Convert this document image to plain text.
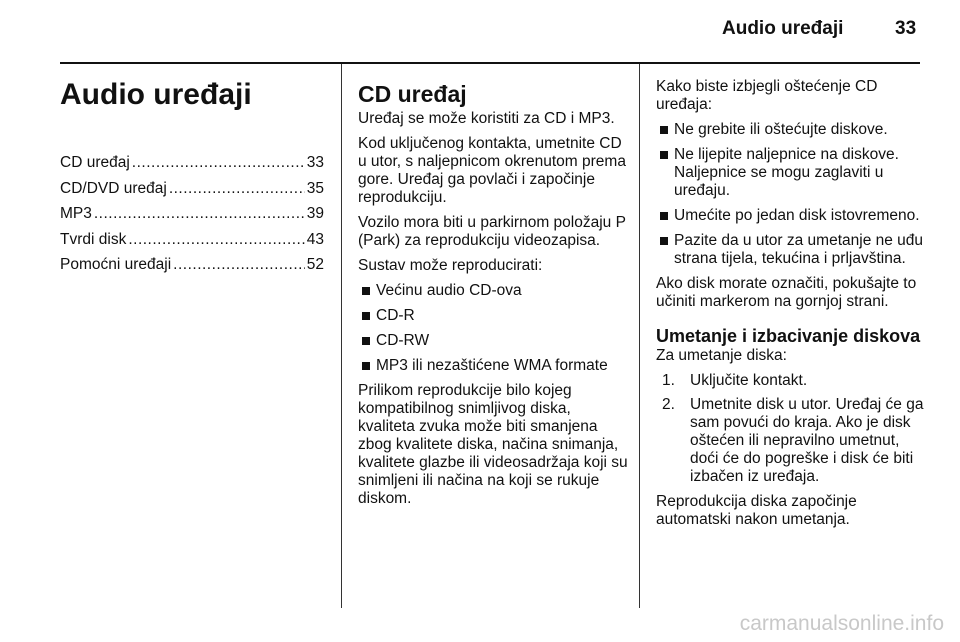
Audio uređaji	33
Audio uređaji
CD uređaj .....	33
CD/DVD uređaj .....	35
MP3 .....	39
Tvrdi disk .....	43
Pomoćni uređaji .....	52
CD uređaj

Uređaj se može koristiti za CD i MP3.

Kod uključenog kontakta, umetnite CD u utor, s naljepnicom okrenutom prema gore. Uređaj ga povlači i započinje reprodukciju.

Vozilo mora biti u parkirnom položaju P (Park) za reprodukciju videozapisa.

Sustav može reproducirati:

Većinu audio CD-ova
CD-R
CD-RW
MP3 ili nezaštićene WMA formate

Prilikom reprodukcije bilo kojeg kompatibilnog snimljivog diska, kvaliteta zvuka može biti smanjena zbog kvalitete diska, načina snimanja, kvalitete glazbe ili videosadržaja koji su snimljeni ili načina na koji se rukuje diskom.

Kako biste izbjegli oštećenje CD uređaja:

Ne grebite ili oštećujte diskove.
Ne lijepite naljepnice na diskove. Naljepnice se mogu zaglaviti u uređaju.
Umećite po jedan disk istovremeno.
Pazite da u utor za umetanje ne uđu strana tijela, tekućina i prljavština.

Ako disk morate označiti, pokušajte to učiniti markerom na gornjoj strani.

Umetanje i izbacivanje diskova

Za umetanje diska:

1. Uključite kontakt.
2. Umetnite disk u utor. Uređaj će ga sam povući do kraja. Ako je disk oštećen ili nepravilno umetnut, doći će do pogreške i disk će biti izbačen iz uređaja.

Reprodukcija diska započinje automatski nakon umetanja.

carmanualsonline.info
